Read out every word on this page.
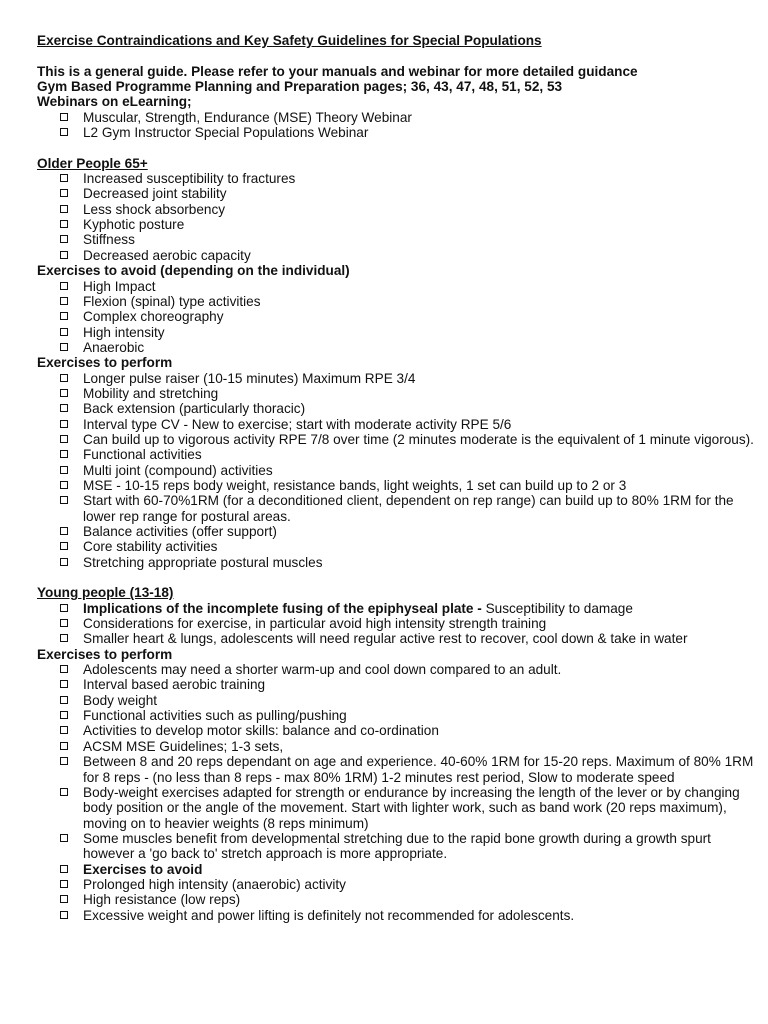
Exercise Contraindications and Key Safety Guidelines for Special Populations

This is a general guide. Please refer to your manuals and webinar for more detailed guidance

Gym Based Programme Planning and Preparation pages; 36, 43, 47, 48, 51, 52, 53

Webinars on eLearning;

Muscular, Strength, Endurance (MSE) Theory Webinar
L2 Gym Instructor Special Populations Webinar

Older People 65+

Increased susceptibility to fractures
Decreased joint stability
Less shock absorbency
Kyphotic posture
Stiffness
Decreased aerobic capacity

Exercises to avoid (depending on the individual)

High Impact
Flexion (spinal) type activities
Complex choreography
High intensity
Anaerobic

Exercises to perform

Longer pulse raiser (10-15 minutes) Maximum RPE 3/4
Mobility and stretching
Back extension (particularly thoracic)
Interval type CV - New to exercise; start with moderate activity RPE 5/6
Can build up to vigorous activity RPE 7/8 over time (2 minutes moderate is the equivalent of 1 minute vigorous).
Functional activities
Multi joint (compound) activities
MSE - 10-15 reps body weight, resistance bands, light weights, 1 set can build up to 2 or 3
Start with 60-70%1RM (for a deconditioned client, dependent on rep range) can build up to 80% 1RM for the lower rep range for postural areas.
Balance activities (offer support)
Core stability activities
Stretching appropriate postural muscles

Young people (13-18)

Implications of the incomplete fusing of the epiphyseal plate - Susceptibility to damage
Considerations for exercise, in particular avoid high intensity strength training
Smaller heart & lungs, adolescents will need regular active rest to recover, cool down & take in water

Exercises to perform

Adolescents may need a shorter warm-up and cool down compared to an adult.
Interval based aerobic training
Body weight
Functional activities such as pulling/pushing
Activities to develop motor skills: balance and co-ordination
ACSM MSE Guidelines; 1-3 sets,
Between 8 and 20 reps dependant on age and experience. 40-60% 1RM for 15-20 reps. Maximum of 80% 1RM for 8 reps - (no less than 8 reps - max 80% 1RM) 1-2 minutes rest period, Slow to moderate speed
Body-weight exercises adapted for strength or endurance by increasing the length of the lever or by changing body position or the angle of the movement. Start with lighter work, such as band work (20 reps maximum), moving on to heavier weights (8 reps minimum)
Some muscles benefit from developmental stretching due to the rapid bone growth during a growth spurt however a 'go back to' stretch approach is more appropriate.
Exercises to avoid
Prolonged high intensity (anaerobic) activity
High resistance (low reps)
Excessive weight and power lifting is definitely not recommended for adolescents.
